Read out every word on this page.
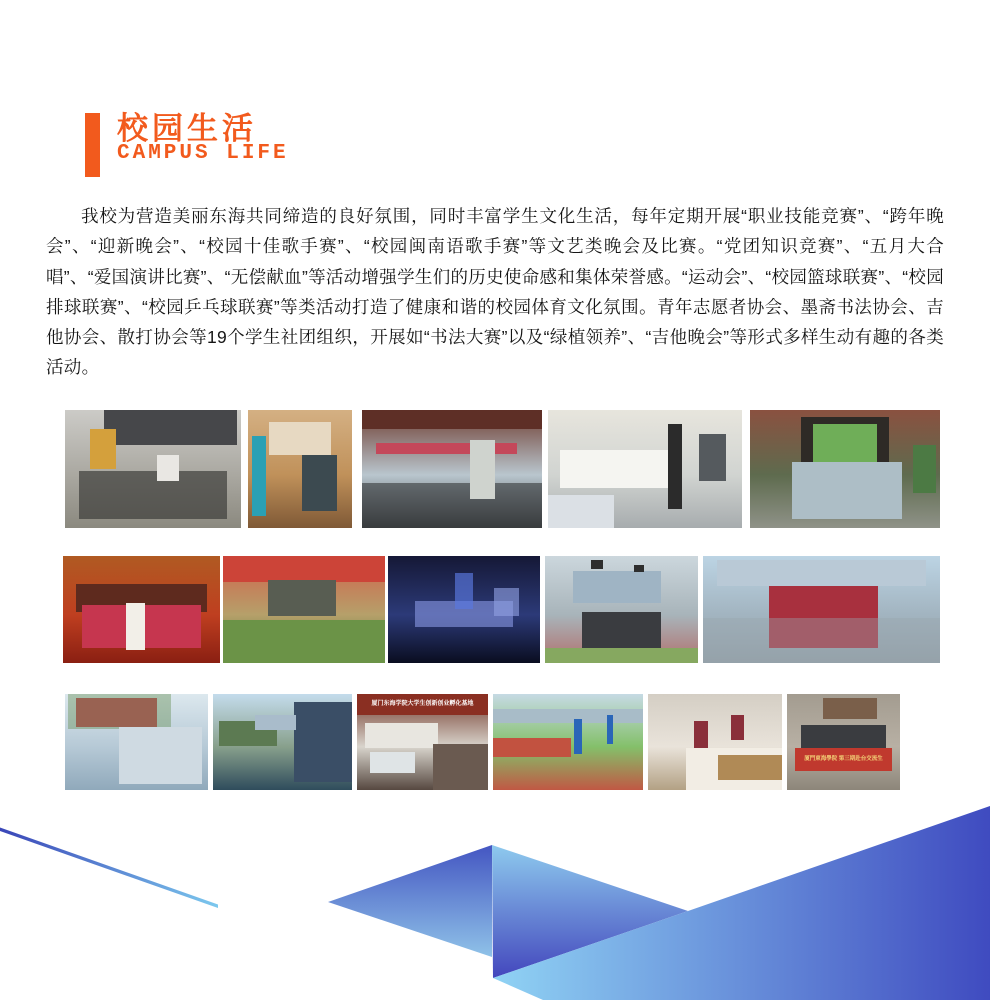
校园生活
CAMPUS LIFE

我校为营造美丽东海共同缔造的良好氛围，同时丰富学生文化生活，每年定期开展“职业技能竞赛”、“跨年晚会”、“迎新晚会”、“校园十佳歌手赛”、“校园闽南语歌手赛”等文艺类晚会及比赛。“党团知识竞赛”、“五月大合唱”、“爱国演讲比赛”、“无偿献血”等活动增强学生们的历史使命感和集体荣誉感。“运动会”、“校园篮球联赛”、“校园排球联赛”、“校园乒乓球联赛”等类活动打造了健康和谐的校园体育文化氛围。青年志愿者协会、墨斋书法协会、吉他协会、散打协会等19个学生社团组织，开展如“书法大赛”以及“绿植领养”、“吉他晚会”等形式多样生动有趣的各类活动。

厦门东海学院大学生创新创业孵化基地
厦門東海學院 第三期赴台交流生
